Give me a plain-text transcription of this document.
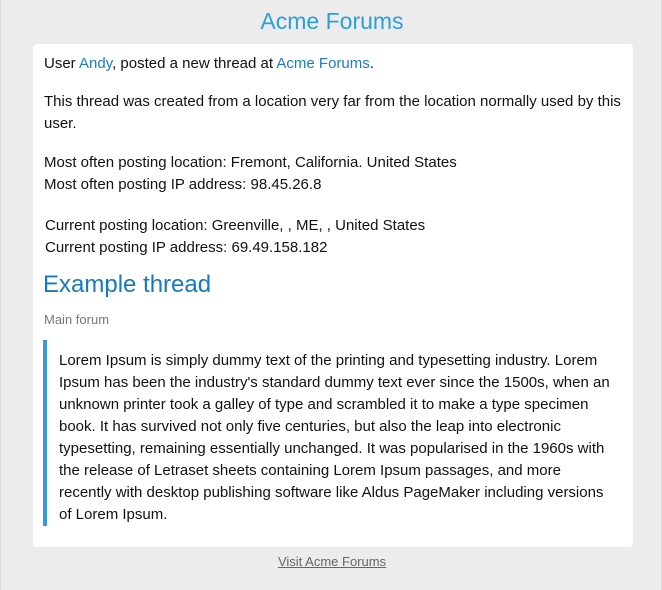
Acme Forums

User Andy, posted a new thread at Acme Forums.

This thread was created from a location very far from the location normally used by this user.

Most often posting location: Fremont, California. United States
Most often posting IP address: 98.45.26.8

Current posting location: Greenville, , ME, , United States
Current posting IP address: 69.49.158.182

Example thread
Main forum
Lorem Ipsum is simply dummy text of the printing and typesetting industry. Lorem Ipsum has been the industry's standard dummy text ever since the 1500s, when an unknown printer took a galley of type and scrambled it to make a type specimen book. It has survived not only five centuries, but also the leap into electronic typesetting, remaining essentially unchanged. It was popularised in the 1960s with the release of Letraset sheets containing Lorem Ipsum passages, and more recently with desktop publishing software like Aldus PageMaker including versions of Lorem Ipsum.
Visit Acme Forums
